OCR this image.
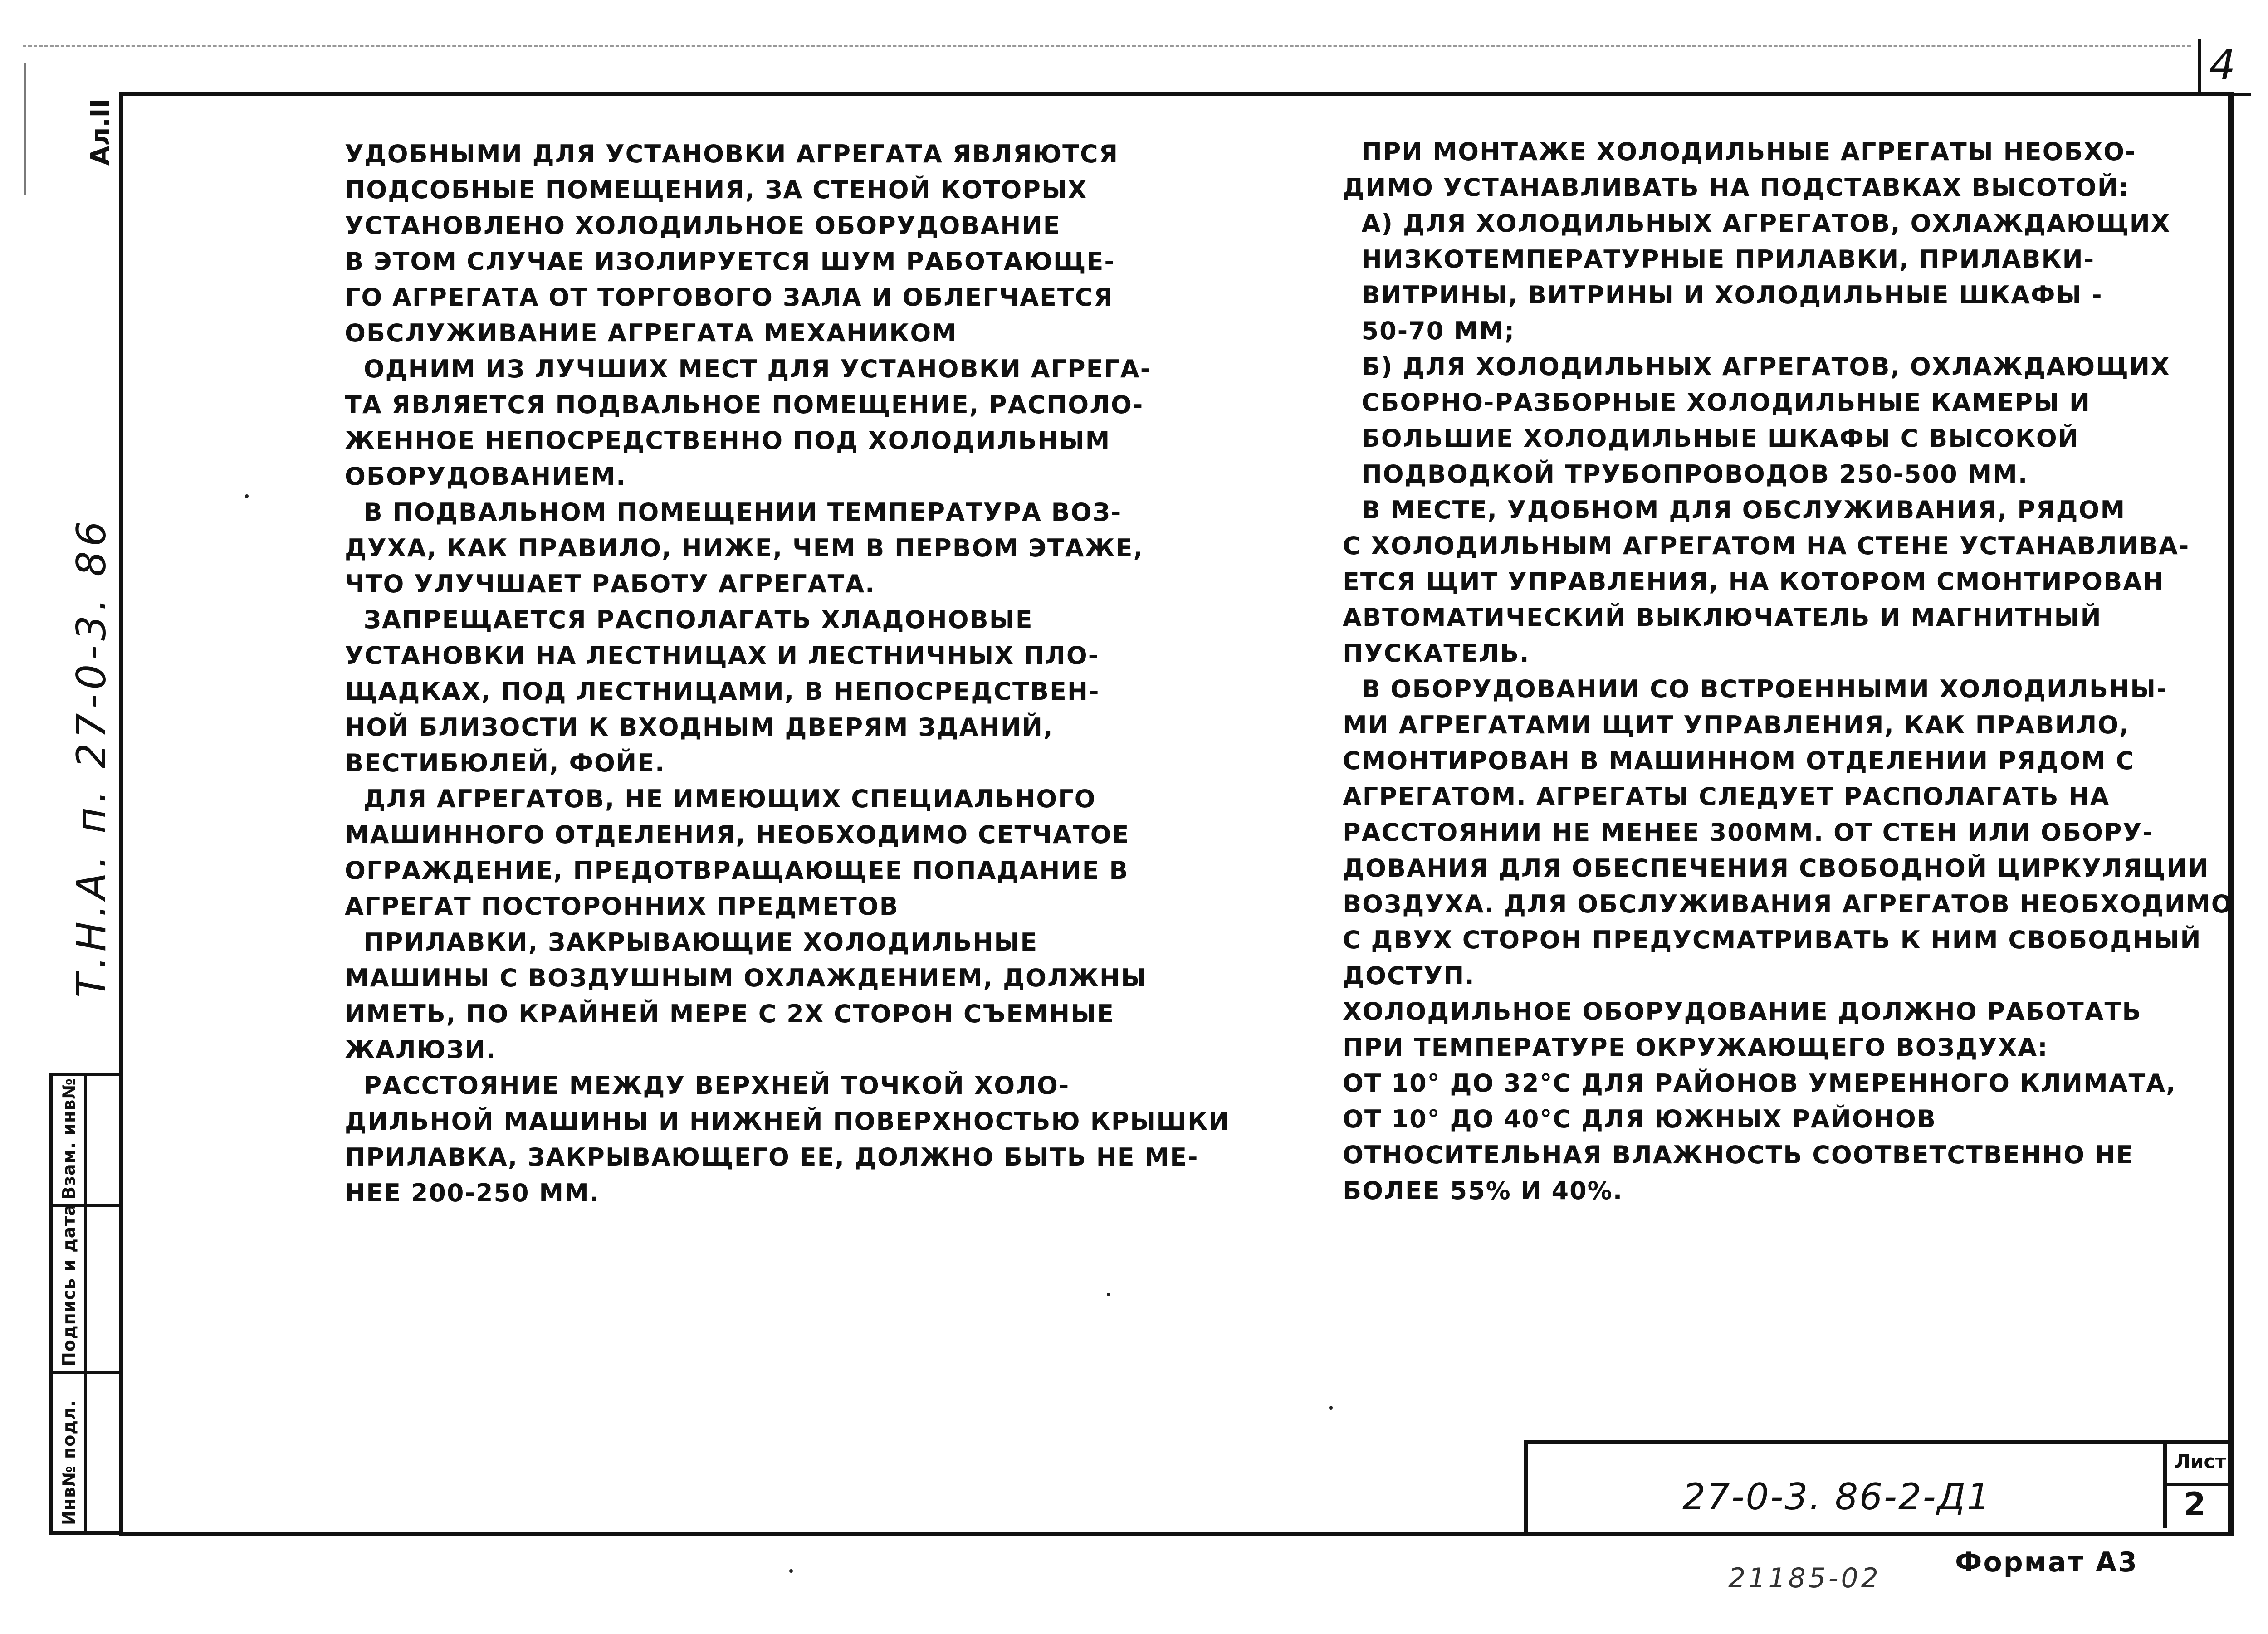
4
Ал.II
Т.Н.А. п. 27-0-3. 86
Инв№ подл.
Подпись и дата
Взам. инв№
УДОБНЫМИ ДЛЯ УСТАНОВКИ АГРЕГАТА ЯВЛЯЮТСЯ
ПОДСОБНЫЕ ПОМЕЩЕНИЯ, ЗА СТЕНОЙ КОТОРЫХ
УСТАНОВЛЕНО ХОЛОДИЛЬНОЕ ОБОРУДОВАНИЕ
В ЭТОМ СЛУЧАЕ ИЗОЛИРУЕТСЯ ШУМ РАБОТАЮЩЕ-
ГО АГРЕГАТА ОТ ТОРГОВОГО ЗАЛА И ОБЛЕГЧАЕТСЯ
ОБСЛУЖИВАНИЕ АГРЕГАТА МЕХАНИКОМ
ОДНИМ ИЗ ЛУЧШИХ МЕСТ ДЛЯ УСТАНОВКИ АГРЕГА-
ТА ЯВЛЯЕТСЯ ПОДВАЛЬНОЕ ПОМЕЩЕНИЕ, РАСПОЛО-
ЖЕННОЕ НЕПОСРЕДСТВЕННО ПОД ХОЛОДИЛЬНЫМ
ОБОРУДОВАНИЕМ.
В ПОДВАЛЬНОМ ПОМЕЩЕНИИ ТЕМПЕРАТУРА ВОЗ-
ДУХА, КАК ПРАВИЛО, НИЖЕ, ЧЕМ В ПЕРВОМ ЭТАЖЕ,
ЧТО УЛУЧШАЕТ РАБОТУ АГРЕГАТА.
ЗАПРЕЩАЕТСЯ РАСПОЛАГАТЬ ХЛАДОНОВЫЕ
УСТАНОВКИ НА ЛЕСТНИЦАХ И ЛЕСТНИЧНЫХ ПЛО-
ЩАДКАХ, ПОД ЛЕСТНИЦАМИ, В НЕПОСРЕДСТВЕН-
НОЙ БЛИЗОСТИ К ВХОДНЫМ ДВЕРЯМ ЗДАНИЙ,
ВЕСТИБЮЛЕЙ, ФОЙЕ.
ДЛЯ АГРЕГАТОВ, НЕ ИМЕЮЩИХ СПЕЦИАЛЬНОГО
МАШИННОГО ОТДЕЛЕНИЯ, НЕОБХОДИМО СЕТЧАТОЕ
ОГРАЖДЕНИЕ, ПРЕДОТВРАЩАЮЩЕЕ ПОПАДАНИЕ В
АГРЕГАТ ПОСТОРОННИХ ПРЕДМЕТОВ
ПРИЛАВКИ, ЗАКРЫВАЮЩИЕ ХОЛОДИЛЬНЫЕ
МАШИНЫ С ВОЗДУШНЫМ ОХЛАЖДЕНИЕМ, ДОЛЖНЫ
ИМЕТЬ, ПО КРАЙНЕЙ МЕРЕ С 2Х СТОРОН СЪЕМНЫЕ
ЖАЛЮЗИ.
РАССТОЯНИЕ МЕЖДУ ВЕРХНЕЙ ТОЧКОЙ ХОЛО-
ДИЛЬНОЙ МАШИНЫ И НИЖНЕЙ ПОВЕРХНОСТЬЮ КРЫШКИ
ПРИЛАВКА, ЗАКРЫВАЮЩЕГО ЕЕ, ДОЛЖНО БЫТЬ НЕ МЕ-
НЕЕ 200-250 ММ.
ПРИ МОНТАЖЕ ХОЛОДИЛЬНЫЕ АГРЕГАТЫ НЕОБХО-
ДИМО УСТАНАВЛИВАТЬ НА ПОДСТАВКАХ ВЫСОТОЙ:
А) ДЛЯ ХОЛОДИЛЬНЫХ АГРЕГАТОВ, ОХЛАЖДАЮЩИХ
НИЗКОТЕМПЕРАТУРНЫЕ ПРИЛАВКИ, ПРИЛАВКИ-
ВИТРИНЫ, ВИТРИНЫ И ХОЛОДИЛЬНЫЕ ШКАФЫ -
50-70 ММ;
Б) ДЛЯ ХОЛОДИЛЬНЫХ АГРЕГАТОВ, ОХЛАЖДАЮЩИХ
СБОРНО-РАЗБОРНЫЕ ХОЛОДИЛЬНЫЕ КАМЕРЫ И
БОЛЬШИЕ ХОЛОДИЛЬНЫЕ ШКАФЫ С ВЫСОКОЙ
ПОДВОДКОЙ ТРУБОПРОВОДОВ 250-500 ММ.
В МЕСТЕ, УДОБНОМ ДЛЯ ОБСЛУЖИВАНИЯ, РЯДОМ
С ХОЛОДИЛЬНЫМ АГРЕГАТОМ НА СТЕНЕ УСТАНАВЛИВА-
ЕТСЯ ЩИТ УПРАВЛЕНИЯ, НА КОТОРОМ СМОНТИРОВАН
АВТОМАТИЧЕСКИЙ ВЫКЛЮЧАТЕЛЬ И МАГНИТНЫЙ
ПУСКАТЕЛЬ.
В ОБОРУДОВАНИИ СО ВСТРОЕННЫМИ ХОЛОДИЛЬНЫ-
МИ АГРЕГАТАМИ ЩИТ УПРАВЛЕНИЯ, КАК ПРАВИЛО,
СМОНТИРОВАН В МАШИННОМ ОТДЕЛЕНИИ РЯДОМ С
АГРЕГАТОМ. АГРЕГАТЫ СЛЕДУЕТ РАСПОЛАГАТЬ НА
РАССТОЯНИИ НЕ МЕНЕЕ 300ММ. ОТ СТЕН ИЛИ ОБОРУ-
ДОВАНИЯ ДЛЯ ОБЕСПЕЧЕНИЯ СВОБОДНОЙ ЦИРКУЛЯЦИИ
ВОЗДУХА. ДЛЯ ОБСЛУЖИВАНИЯ АГРЕГАТОВ НЕОБХОДИМО
С ДВУХ СТОРОН ПРЕДУСМАТРИВАТЬ К НИМ СВОБОДНЫЙ
ДОСТУП.
ХОЛОДИЛЬНОЕ ОБОРУДОВАНИЕ ДОЛЖНО РАБОТАТЬ
ПРИ ТЕМПЕРАТУРЕ ОКРУЖАЮЩЕГО ВОЗДУХА:
ОТ 10° ДО 32°С ДЛЯ РАЙОНОВ УМЕРЕННОГО КЛИМАТА,
ОТ 10° ДО 40°С ДЛЯ ЮЖНЫХ РАЙОНОВ
ОТНОСИТЕЛЬНАЯ ВЛАЖНОСТЬ СООТВЕТСТВЕННО НЕ
БОЛЕЕ 55% И 40%.
27-0-3. 86-2-Д1
Лист
2
21185-02	Формат А3
